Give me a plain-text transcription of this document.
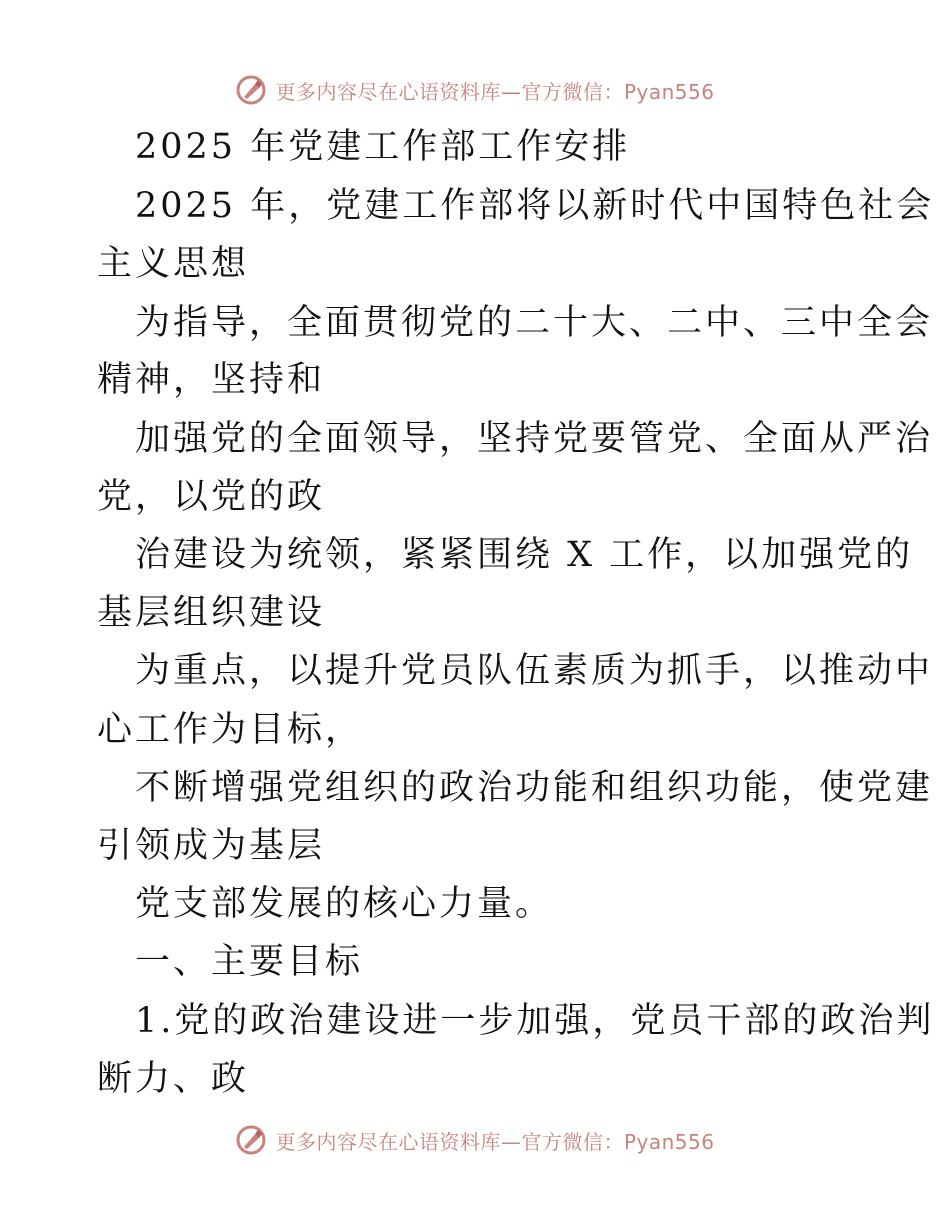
更多内容尽在心语资料库—官方微信：Pyan556
2025 年党建工作部工作安排
2025 年，党建工作部将以新时代中国特色社会
主义思想
为指导，全面贯彻党的二十大、二中、三中全会
精神，坚持和
加强党的全面领导，坚持党要管党、全面从严治
党，以党的政
治建设为统领，紧紧围绕 X 工作，以加强党的
基层组织建设
为重点，以提升党员队伍素质为抓手，以推动中
心工作为目标，
不断增强党组织的政治功能和组织功能，使党建
引领成为基层
党支部发展的核心力量。
一、主要目标
1.党的政治建设进一步加强，党员干部的政治判
断力、政
更多内容尽在心语资料库—官方微信：Pyan556
